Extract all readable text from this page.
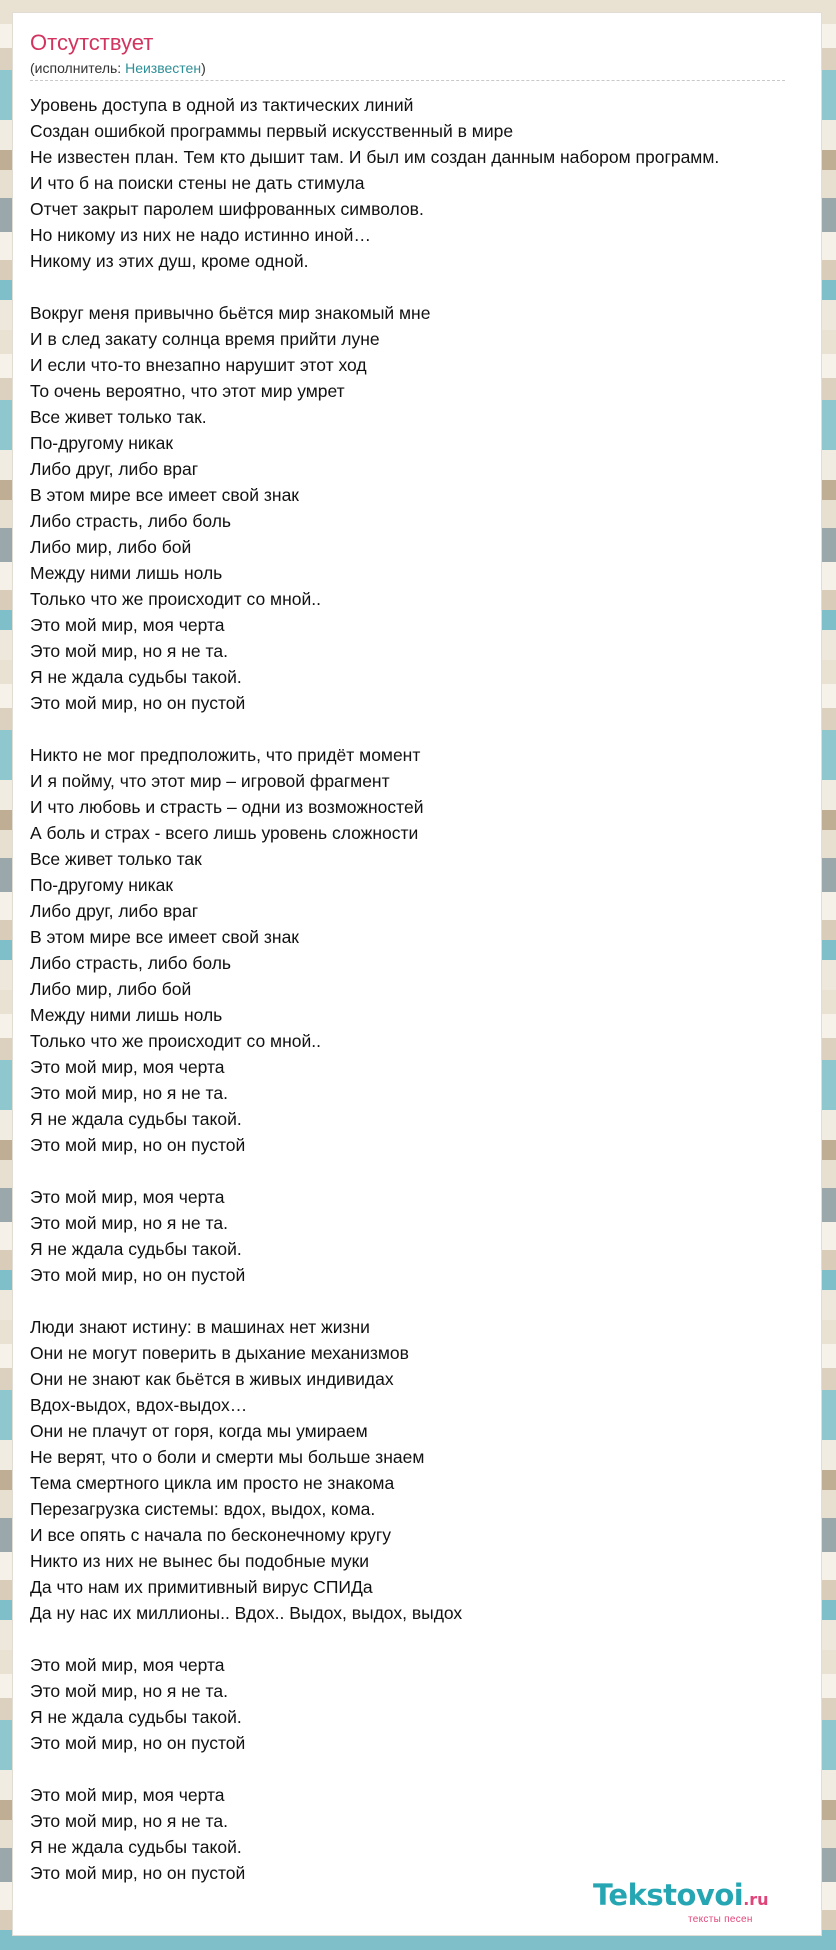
Отсутствует
(исполнитель: Неизвестен)
Уровень доступа в одной из тактических линий
Создан ошибкой программы первый искусственный в мире
Не известен план. Тем кто дышит там. И был им создан данным набором программ.
И что б на поиски стены не дать стимула
Отчет закрыт паролем шифрованных символов.
Но никому из них не надо истинно иной…
Никому из этих душ, кроме одной.
Вокруг меня привычно бьётся мир знакомый мне
И в след закату солнца время прийти луне
И если что-то внезапно нарушит этот ход
То очень вероятно, что этот мир умрет
Все живет только так.
По-другому никак
Либо друг, либо враг
В этом мире все имеет свой знак
Либо страсть, либо боль
Либо мир, либо бой
Между ними лишь ноль
Только что же происходит со мной..
Это мой мир, моя черта
Это мой мир, но я не та.
Я не ждала судьбы такой.
Это мой мир, но он пустой
Никто не мог предположить, что придёт момент
И я пойму, что этот мир – игровой фрагмент
И что любовь и страсть – одни из возможностей
А боль и страх - всего лишь уровень сложности
Все живет только так
По-другому никак
Либо друг, либо враг
В этом мире все имеет свой знак
Либо страсть, либо боль
Либо мир, либо бой
Между ними лишь ноль
Только что же происходит со мной..
Это мой мир, моя черта
Это мой мир, но я не та.
Я не ждала судьбы такой.
Это мой мир, но он пустой
Это мой мир, моя черта
Это мой мир, но я не та.
Я не ждала судьбы такой.
Это мой мир, но он пустой
Люди знают истину: в машинах нет жизни
Они не могут поверить в дыхание механизмов
Они не знают как бьётся в живых индивидах
Вдох-выдох, вдох-выдох…
Они не плачут от горя, когда мы умираем
Не верят, что о боли и смерти мы больше знаем
Тема смертного цикла им просто не знакома
Перезагрузка системы: вдох, выдох, кома.
И все опять с начала по бесконечному кругу
Никто из них не вынес бы подобные муки
Да что нам их примитивный вирус СПИДа
Да ну нас их миллионы.. Вдох.. Выдох, выдох, выдох
Это мой мир, моя черта
Это мой мир, но я не та.
Я не ждала судьбы такой.
Это мой мир, но он пустой
Это мой мир, моя черта
Это мой мир, но я не та.
Я не ждала судьбы такой.
Это мой мир, но он пустой
Tekstovoi.ru
тексты песен
